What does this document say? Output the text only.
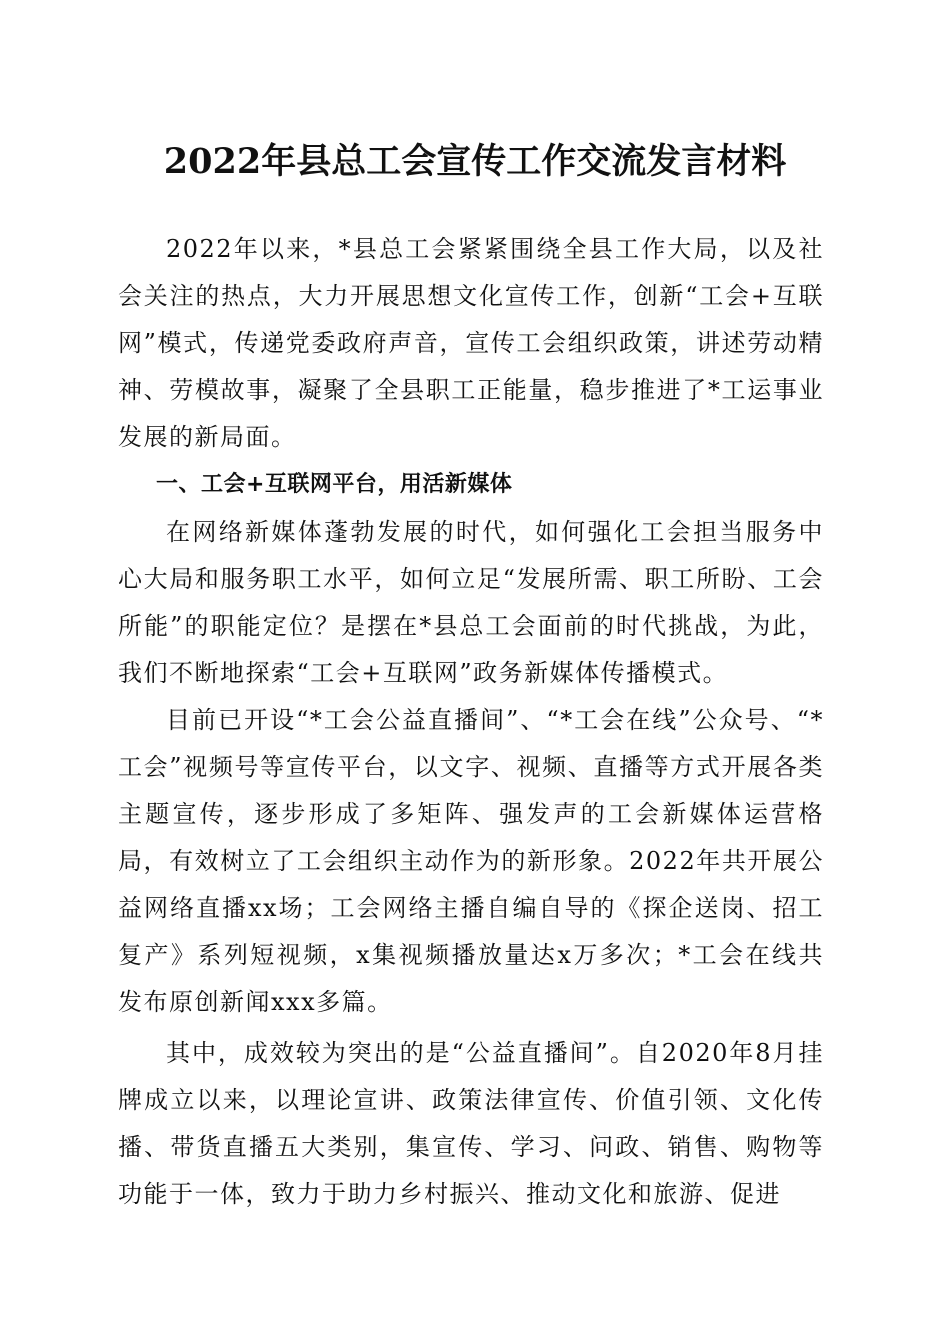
2022年县总工会宣传工作交流发言材料

2022年以来，*县总工会紧紧围绕全县工作大局，以及社会关注的热点，大力开展思想文化宣传工作，创新“工会+互联网”模式，传递党委政府声音，宣传工会组织政策，讲述劳动精神、劳模故事，凝聚了全县职工正能量，稳步推进了*工运事业发展的新局面。

一、工会+互联网平台，用活新媒体

在网络新媒体蓬勃发展的时代，如何强化工会担当服务中心大局和服务职工水平，如何立足“发展所需、职工所盼、工会所能”的职能定位？是摆在*县总工会面前的时代挑战，为此，我们不断地探索“工会+互联网”政务新媒体传播模式。

目前已开设“*工会公益直播间”、“*工会在线”公众号、“*工会”视频号等宣传平台，以文字、视频、直播等方式开展各类主题宣传，逐步形成了多矩阵、强发声的工会新媒体运营格局，有效树立了工会组织主动作为的新形象。2022年共开展公益网络直播xx场；工会网络主播自编自导的《探企送岗、招工复产》系列短视频，x集视频播放量达x万多次；*工会在线共发布原创新闻xxx多篇。

其中，成效较为突出的是“公益直播间”。自2020年8月挂牌成立以来，以理论宣讲、政策法律宣传、价值引领、文化传播、带货直播五大类别，集宣传、学习、问政、销售、购物等功能于一体，致力于助力乡村振兴、推动文化和旅游、促进
